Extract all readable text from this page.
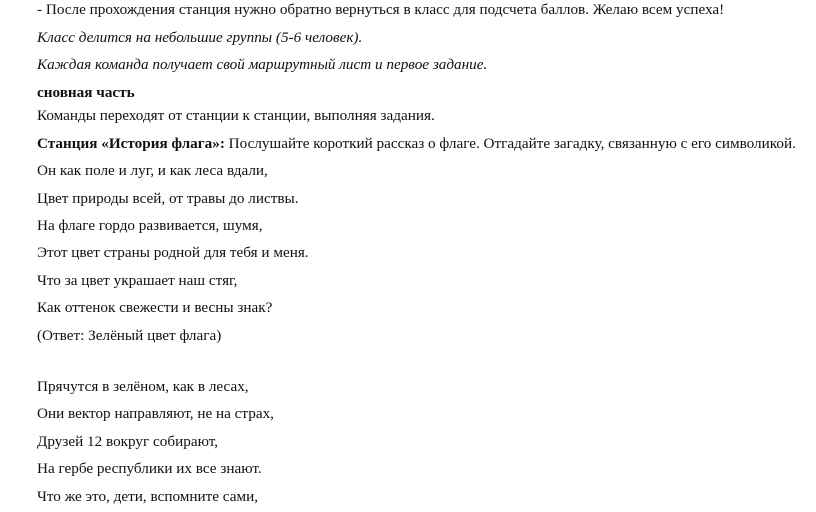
- После прохождения станция нужно обратно вернуться в класс для подсчета баллов. Желаю всем успеха!
Класс делится на небольшие группы (5-6 человек).
Каждая команда получает свой маршрутный лист и первое задание.
сновная часть
Команды переходят от станции к станции, выполняя задания.
Станция «История флага»: Послушайте короткий рассказ о флаге. Отгадайте загадку, связанную с его символикой.
Он как поле и луг, и как леса вдали,
Цвет природы всей, от травы до листвы.
На флаге гордо развивается, шумя,
Этот цвет страны родной для тебя и меня.
Что за цвет украшает наш стяг,
Как оттенок свежести и весны знак?
(Ответ: Зелёный цвет флага)
Прячутся в зелёном, как в лесах,
Они вектор направляют, не на страх,
Друзей 12 вокруг собирают,
На гербе республики их все знают.
Что же это, дети, вспомните сами,
